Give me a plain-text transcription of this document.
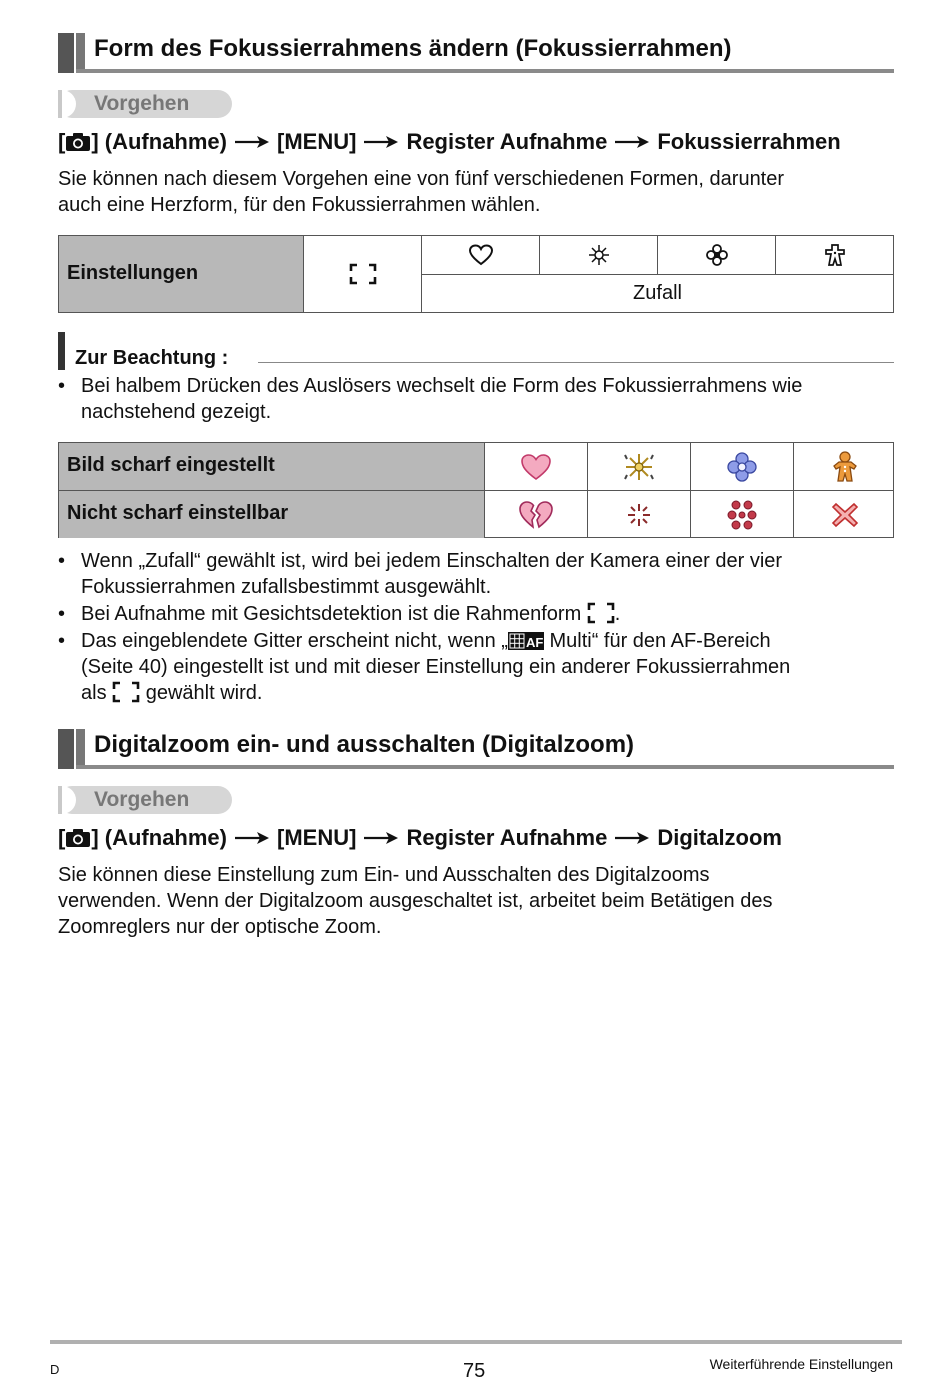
Form des Fokussierrahmens ändern (Fokussierrahmen)
Vorgehen
[ ]
(Aufnahme) [MENU] Register Aufnahme Fokussierrahmen
Sie können nach diesem Vorgehen eine von fünf verschiedenen Formen, darunter
auch eine Herzform, für den Fokussierrahmen wählen.
Einstellungen
Zufall
Zur Beachtung :
• Bei halbem Drücken des Auslösers wechselt die Form des Fokussierrahmens wie
nachstehend gezeigt.
Bild scharf eingestellt
Nicht scharf einstellbar
• Wenn „Zufall“ gewählt ist, wird bei jedem Einschalten der Kamera einer der vier
Fokussierrahmen zufallsbestimmt ausgewählt.
• Bei Aufnahme mit Gesichtsdetektion ist die Rahmenform .
• Das eingeblendete Gitter erscheint nicht, wenn „ AF Multi“ für den AF-Bereich
(Seite 40) eingestellt ist und mit dieser Einstellung ein anderer Fokussierrahmen
als gewählt wird.
Digitalzoom ein- und ausschalten (Digitalzoom)
Vorgehen
[ ]
(Aufnahme) [MENU] Register Aufnahme Digitalzoom
Sie können diese Einstellung zum Ein- und Ausschalten des Digitalzooms
verwenden. Wenn der Digitalzoom ausgeschaltet ist, arbeitet beim Betätigen des
Zoomreglers nur der optische Zoom.
D	75	Weiterführende Einstellungen
